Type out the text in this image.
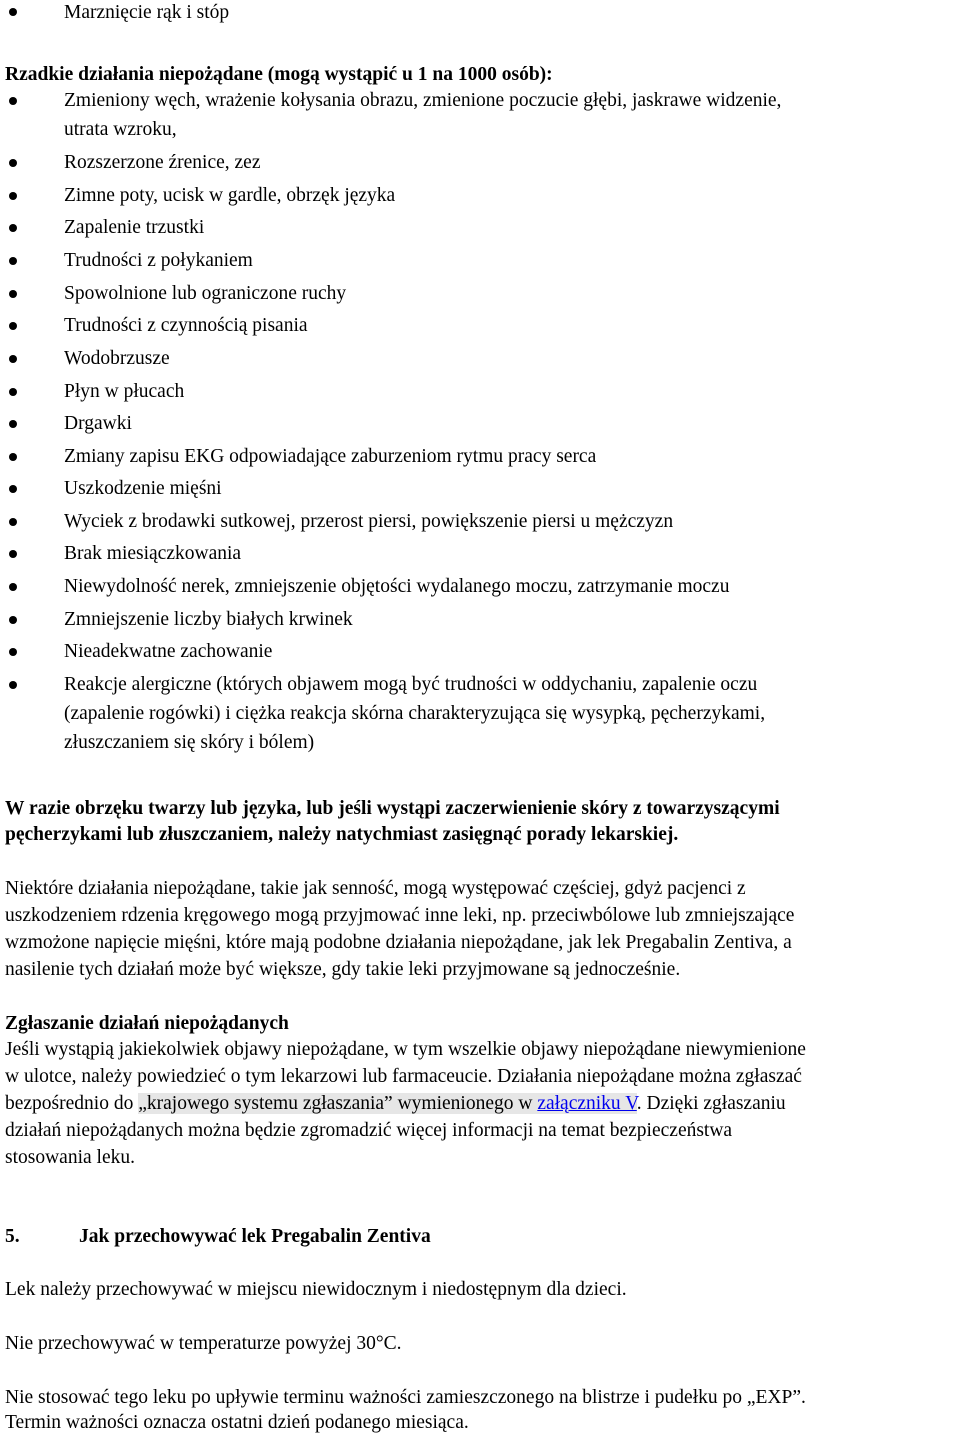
Marznięcie rąk i stóp
Rzadkie działania niepożądane (mogą wystąpić u 1 na 1000 osób):
Zmieniony węch, wrażenie kołysania obrazu, zmienione poczucie głębi, jaskrawe widzenie,
utrata wzroku,
Rozszerzone źrenice, zez
Zimne poty, ucisk w gardle, obrzęk języka
Zapalenie trzustki
Trudności z połykaniem
Spowolnione lub ograniczone ruchy
Trudności z czynnością pisania
Wodobrzusze
Płyn w płucach
Drgawki
Zmiany zapisu EKG odpowiadające zaburzeniom rytmu pracy serca
Uszkodzenie mięśni
Wyciek z brodawki sutkowej, przerost piersi, powiększenie piersi u mężczyzn
Brak miesiączkowania
Niewydolność nerek, zmniejszenie objętości wydalanego moczu, zatrzymanie moczu
Zmniejszenie liczby białych krwinek
Nieadekwatne zachowanie
Reakcje alergiczne (których objawem mogą być trudności w oddychaniu, zapalenie oczu
(zapalenie rogówki) i ciężka reakcja skórna charakteryzująca się wysypką, pęcherzykami,
złuszczaniem się skóry i bólem)
W razie obrzęku twarzy lub języka, lub jeśli wystąpi zaczerwienienie skóry z towarzyszącymi
pęcherzykami lub złuszczaniem, należy natychmiast zasięgnąć porady lekarskiej.
Niektóre działania niepożądane, takie jak senność, mogą występować częściej, gdyż pacjenci z
uszkodzeniem rdzenia kręgowego mogą przyjmować inne leki, np. przeciwbólowe lub zmniejszające
wzmożone napięcie mięśni, które mają podobne działania niepożądane, jak lek Pregabalin Zentiva, a
nasilenie tych działań może być większe, gdy takie leki przyjmowane są jednocześnie.
Zgłaszanie działań niepożądanych
Jeśli wystąpią jakiekolwiek objawy niepożądane, w tym wszelkie objawy niepożądane niewymienione
w ulotce, należy powiedzieć o tym lekarzowi lub farmaceucie. Działania niepożądane można zgłaszać
bezpośrednio do „krajowego systemu zgłaszania” wymienionego w załączniku V. Dzięki zgłaszaniu
działań niepożądanych można będzie zgromadzić więcej informacji na temat bezpieczeństwa
stosowania leku.
5.	Jak przechowywać lek Pregabalin Zentiva
Lek należy przechowywać w miejscu niewidocznym i niedostępnym dla dzieci.
Nie przechowywać w temperaturze powyżej 30°C.
Nie stosować tego leku po upływie terminu ważności zamieszczonego na blistrze i pudełku po „EXP”.
Termin ważności oznacza ostatni dzień podanego miesiąca.
